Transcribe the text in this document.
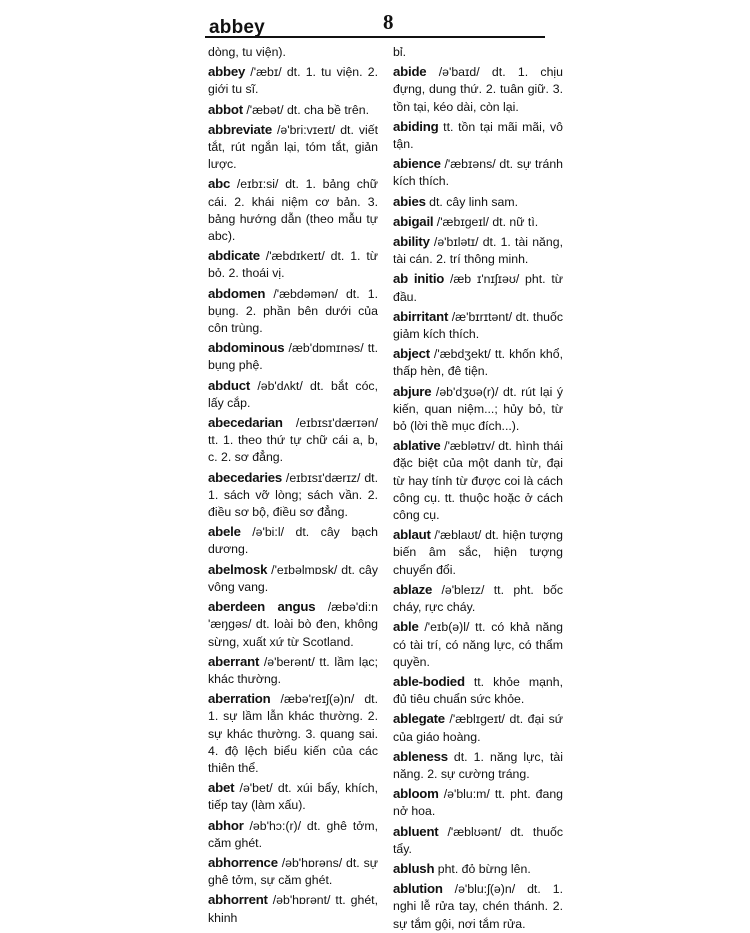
abbey	8
dòng, tu viện).
abbey /'æbɪ/ dt. 1. tu viện. 2. giới tu sĩ.
abbot /'æbət/ dt. cha bề trên.
abbreviate /ə'bri:vɪeɪt/ dt. viết tắt, rút ngắn lại, tóm tắt, giản lược.
abc /eɪbɪ:si/ dt. 1. bảng chữ cái. 2. khái niệm cơ bản. 3. bảng hướng dẫn (theo mẫu tự abc).
abdicate /'æbdɪkeɪt/ dt. 1. từ bỏ. 2. thoái vị.
abdomen /'æbdəmən/ dt. 1. bụng. 2. phần bên dưới của côn trùng.
abdominous /æb'dɒmɪnəs/ tt. bụng phệ.
abduct /əb'dʌkt/ dt. bắt cóc, lấy cắp.
abecedarian /eɪbɪsɪ'dærɪən/ tt. 1. theo thứ tự chữ cái a, b, c. 2. sơ đẳng.
abecedaries /eɪbɪsɪ'dærɪz/ dt. 1. sách vỡ lòng; sách vần. 2. điều sơ bộ, điều sơ đẳng.
abele /ə'bi:l/ dt. cây bạch dương.
abelmosk /'eɪbəlmɒsk/ dt. cây vông vang.
aberdeen angus /æbə'di:n 'æŋgəs/ dt. loài bò đen, không sừng, xuất xứ từ Scotland.
aberrant /ə'berənt/ tt. lầm lạc; khác thường.
aberration /æbə'reɪʃ(ə)n/ dt. 1. sự lầm lẫn khác thường. 2. sự khác thường. 3. quang sai. 4. độ lệch biểu kiến của các thiên thể.
abet /ə'bet/ dt. xúi bẩy, khích, tiếp tay (làm xấu).
abhor /əb'hɔ:(r)/ dt. ghê tởm, căm ghét.
abhorrence /əb'hɒrəns/ dt. sự ghê tởm, sự căm ghét.
abhorrent /əb'hɒrənt/ tt. ghét, khinh
bỉ.
abide /ə'baɪd/ dt. 1. chịu đựng, dung thứ. 2. tuân giữ. 3. tồn tại, kéo dài, còn lại.
abiding tt. tồn tại mãi mãi, vô tận.
abience /'æbɪəns/ dt. sự tránh kích thích.
abies dt. cây linh sam.
abigail /'æbɪgeɪl/ dt. nữ tì.
ability /ə'bɪlətɪ/ dt. 1. tài năng, tài cán. 2. trí thông minh.
ab initio /æb ɪ'nɪʃɪəʊ/ pht. từ đầu.
abirritant /æ'bɪrɪtənt/ dt. thuốc giảm kích thích.
abject /'æbdʒekt/ tt. khốn khổ, thấp hèn, đê tiện.
abjure /əb'dʒʊə(r)/ dt. rút lại ý kiến, quan niệm...; hủy bỏ, từ bỏ (lời thề mục đích...).
ablative /'æblətɪv/ dt. hình thái đặc biệt của một danh từ, đại từ hay tính từ được coi là cách công cụ. tt. thuộc hoặc ở cách công cụ.
ablaut /'æblaʊt/ dt. hiện tượng biến âm sắc, hiện tượng chuyển đổi.
ablaze /ə'bleɪz/ tt. pht. bốc cháy, rực cháy.
able /'eɪb(ə)l/ tt. có khả năng có tài trí, có năng lực, có thẩm quyền.
able-bodied tt. khỏe mạnh, đủ tiêu chuẩn sức khỏe.
ablegate /'æblɪgeɪt/ dt. đại sứ của giáo hoàng.
ableness dt. 1. năng lực, tài năng. 2. sự cường tráng.
abloom /ə'blu:m/ tt. pht. đang nở hoa.
abluent /'æblʊənt/ dt. thuốc tẩy.
ablush pht. đỏ bừng lên.
ablution /ə'blu:ʃ(ə)n/ dt. 1. nghi lễ rửa tay, chén thánh. 2. sự tắm gội, nơi tắm rửa.
